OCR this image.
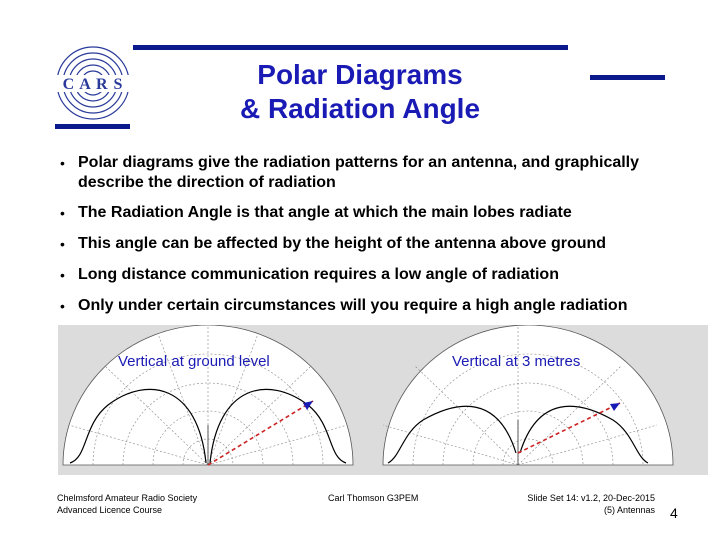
C A R S	Polar Diagrams
& Radiation Angle
• Polar diagrams give the radiation patterns for an antenna, and graphically describe the direction of radiation
• The Radiation Angle is that angle at which the main lobes radiate
• This angle can be affected by the height of the antenna above ground
• Long distance communication requires a low angle of radiation
• Only under certain circumstances will you require a high angle radiation
Vertical at ground level	Vertical at 3 metres
Chelmsford Amateur Radio Society
Advanced Licence Course
Carl Thomson G3PEM	Slide Set 14: v1.2, 20-Dec-2015
(5) Antennas 4
